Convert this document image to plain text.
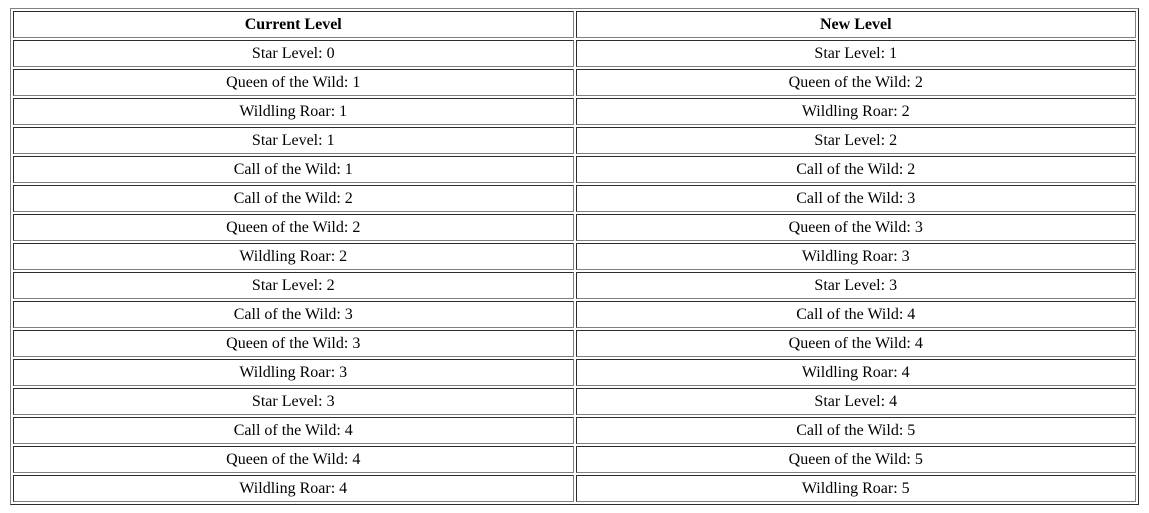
Current Level	New Level
Star Level: 0	Star Level: 1
Queen of the Wild: 1	Queen of the Wild: 2
Wildling Roar: 1	Wildling Roar: 2
Star Level: 1	Star Level: 2
Call of the Wild: 1	Call of the Wild: 2
Call of the Wild: 2	Call of the Wild: 3
Queen of the Wild: 2	Queen of the Wild: 3
Wildling Roar: 2	Wildling Roar: 3
Star Level: 2	Star Level: 3
Call of the Wild: 3	Call of the Wild: 4
Queen of the Wild: 3	Queen of the Wild: 4
Wildling Roar: 3	Wildling Roar: 4
Star Level: 3	Star Level: 4
Call of the Wild: 4	Call of the Wild: 5
Queen of the Wild: 4	Queen of the Wild: 5
Wildling Roar: 4	Wildling Roar: 5
